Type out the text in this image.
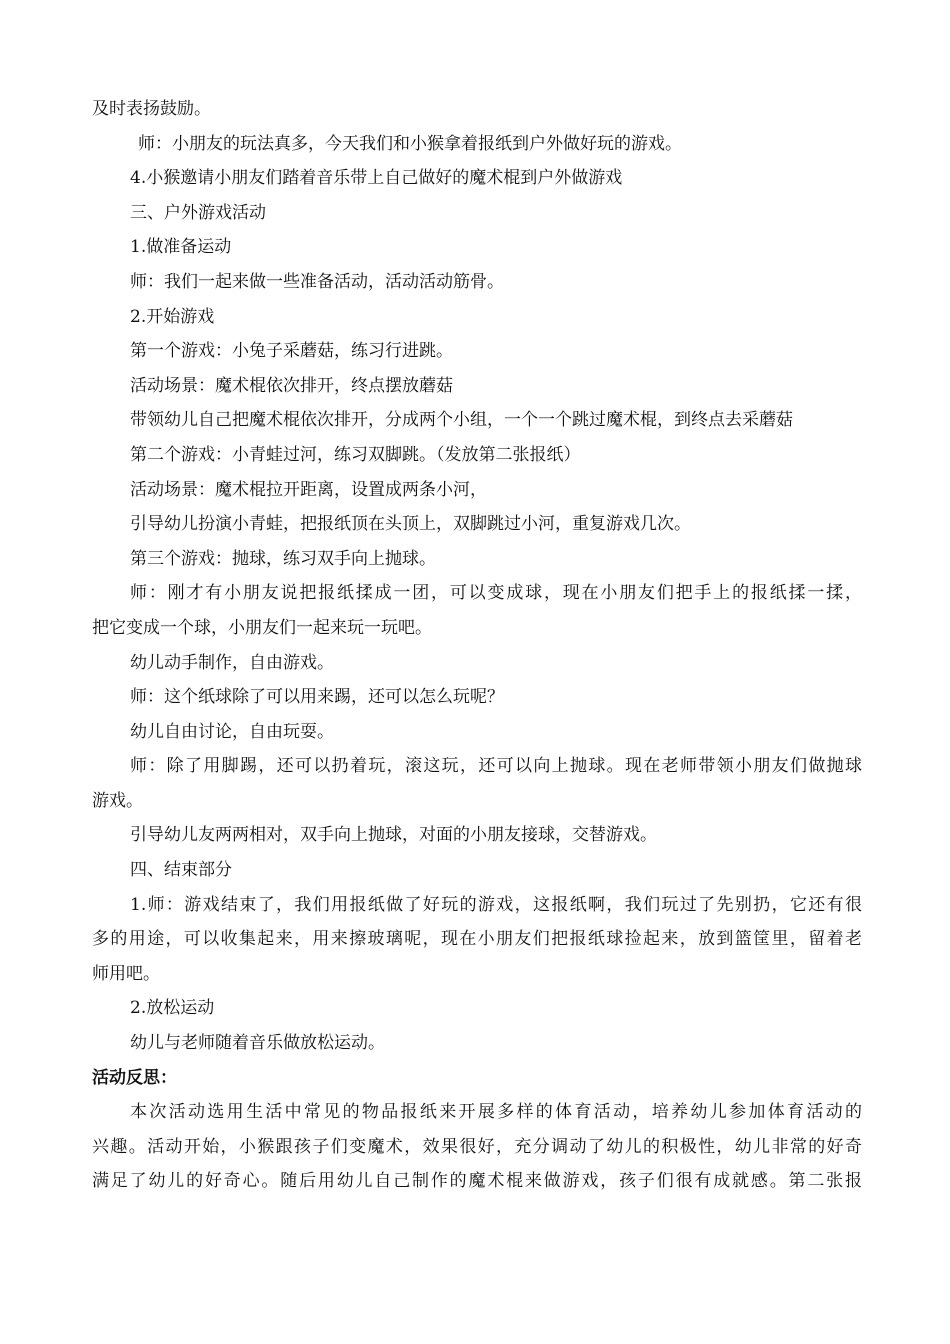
及时表扬鼓励。
师：小朋友的玩法真多，今天我们和小猴拿着报纸到户外做好玩的游戏。
4.小猴邀请小朋友们踏着音乐带上自己做好的魔术棍到户外做游戏
三、户外游戏活动
1.做准备运动
师：我们一起来做一些准备活动，活动活动筋骨。
2.开始游戏
第一个游戏：小兔子采蘑菇，练习行进跳。
活动场景：魔术棍依次排开，终点摆放蘑菇
带领幼儿自己把魔术棍依次排开，分成两个小组，一个一个跳过魔术棍，到终点去采蘑菇
第二个游戏：小青蛙过河，练习双脚跳。（发放第二张报纸）
活动场景：魔术棍拉开距离，设置成两条小河，
引导幼儿扮演小青蛙，把报纸顶在头顶上，双脚跳过小河，重复游戏几次。
第三个游戏：抛球，练习双手向上抛球。
师：刚才有小朋友说把报纸揉成一团，可以变成球，现在小朋友们把手上的报纸揉一揉，
把它变成一个球，小朋友们一起来玩一玩吧。
幼儿动手制作，自由游戏。
师：这个纸球除了可以用来踢，还可以怎么玩呢？
幼儿自由讨论，自由玩耍。
师：除了用脚踢，还可以扔着玩，滚这玩，还可以向上抛球。现在老师带领小朋友们做抛球
游戏。
引导幼儿友两两相对，双手向上抛球，对面的小朋友接球，交替游戏。
四、结束部分
1.师：游戏结束了，我们用报纸做了好玩的游戏，这报纸啊，我们玩过了先别扔，它还有很
多的用途，可以收集起来，用来擦玻璃呢，现在小朋友们把报纸球捡起来，放到篮筐里，留着老
师用吧。
2.放松运动
幼儿与老师随着音乐做放松运动。
活动反思：
本次活动选用生活中常见的物品报纸来开展多样的体育活动，培养幼儿参加体育活动的
兴趣。活动开始，小猴跟孩子们变魔术，效果很好，充分调动了幼儿的积极性，幼儿非常的好奇
满足了幼儿的好奇心。随后用幼儿自己制作的魔术棍来做游戏，孩子们很有成就感。第二张报
